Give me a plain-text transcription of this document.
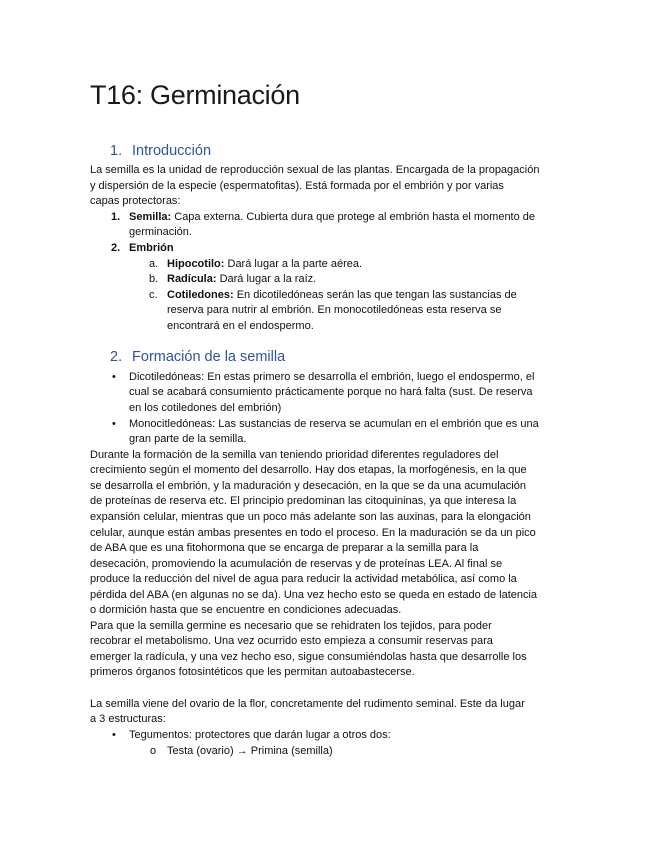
T16: Germinación
1. Introducción
La semilla es la unidad de reproducción sexual de las plantas. Encargada de la propagación
y dispersión de la especie (espermatofitas). Está formada por el embrión y por varias
capas protectoras:
1. Semilla: Capa externa. Cubierta dura que protege al embrión hasta el momento de
germinación.
2. Embrión
a. Hipocotilo: Dará lugar a la parte aérea.
b. Radícula: Dará lugar a la raíz.
c. Cotiledones: En dicotiledóneas serán las que tengan las sustancias de
reserva para nutrir al embrión. En monocotiledóneas esta reserva se
encontrará en el endospermo.
2. Formación de la semilla
• Dicotiledóneas: En estas primero se desarrolla el embrión, luego el endospermo, el
cual se acabará consumiento prácticamente porque no hará falta (sust. De reserva
en los cotiledones del embrión)
• Monocitledóneas: Las sustancias de reserva se acumulan en el embrión que es una
gran parte de la semilla.
Durante la formación de la semilla van teniendo prioridad diferentes reguladores del
crecimiento según el momento del desarrollo. Hay dos etapas, la morfogénesis, en la que
se desarrolla el embrión, y la maduración y desecación, en la que se da una acumulación
de proteínas de reserva etc. El principio predominan las citoquininas, ya que interesa la
expansión celular, mientras que un poco más adelante son las auxinas, para la elongación
celular, aunque están ambas presentes en todo el proceso. En la maduración se da un pico
de ABA que es una fitohormona que se encarga de preparar a la semilla para la
desecación, promoviendo la acumulación de reservas y de proteínas LEA. Al final se
produce la reducción del nivel de agua para reducir la actividad metabólica, así como la
pérdida del ABA (en algunas no se da). Una vez hecho esto se queda en estado de latencia
o dormición hasta que se encuentre en condiciones adecuadas.
Para que la semilla germine es necesario que se rehidraten los tejidos, para poder
recobrar el metabolismo. Una vez ocurrido esto empieza a consumir reservas para
emerger la radícula, y una vez hecho eso, sigue consumiéndolas hasta que desarrolle los
primeros órganos fotosintéticos que les permitan autoabastecerse.
La semilla viene del ovario de la flor, concretamente del rudimento seminal. Este da lugar
a 3 estructuras:
• Tegumentos: protectores que darán lugar a otros dos:
o Testa (ovario) → Primina (semilla)
